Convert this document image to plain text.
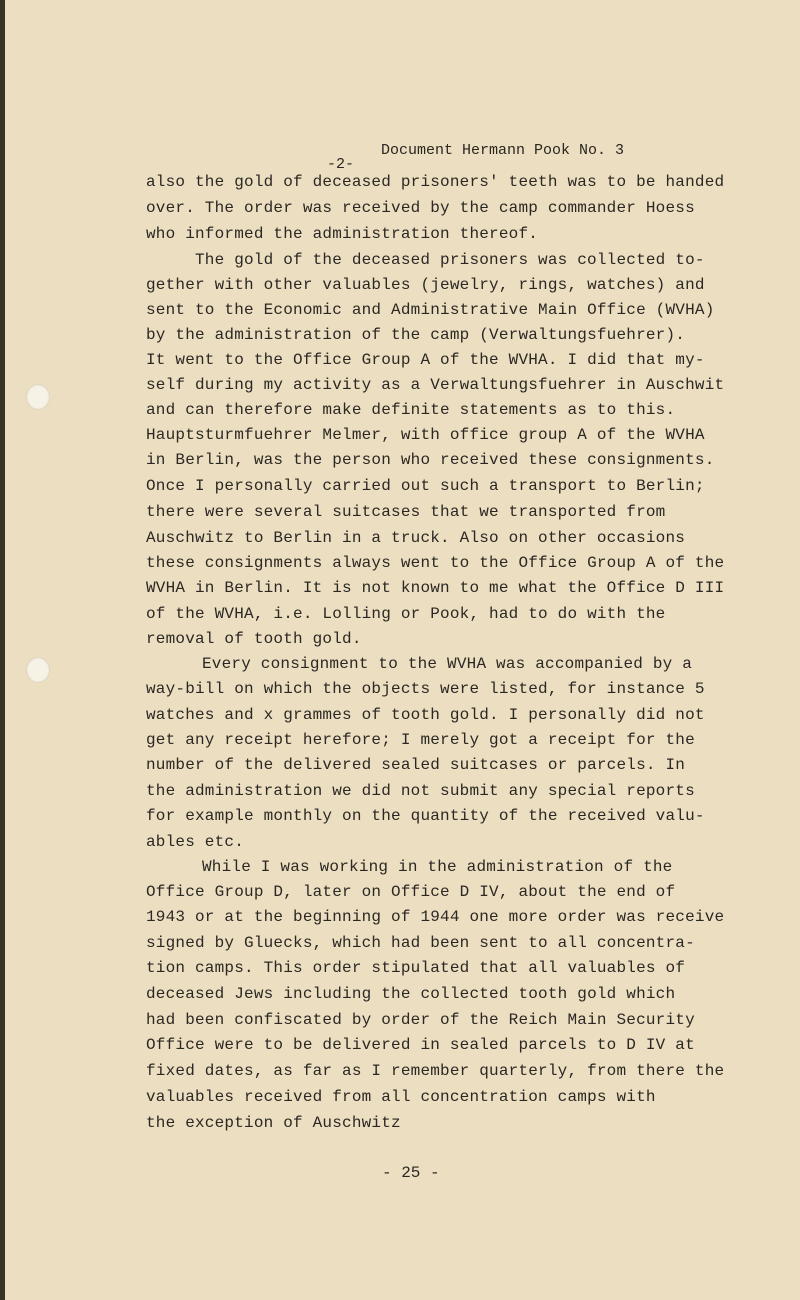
Document Hermann Pook No. 3
-2-
also the gold of deceased prisoners' teeth was to be handed
over. The order was received by the camp commander Hoess
who informed the administration thereof.
The gold of the deceased prisoners was collected to-
gether with other valuables (jewelry, rings, watches) and
sent to the Economic and Administrative Main Office (WVHA)
by the administration of the camp (Verwaltungsfuehrer).
It went to the Office Group A of the WVHA. I did that my-
self during my activity as a Verwaltungsfuehrer in Auschwit
and can therefore make definite statements as to this.
Hauptsturmfuehrer Melmer, with office group A of the WVHA
in Berlin, was the person who received these consignments.
Once I personally carried out such a transport to Berlin;
there were several suitcases that we transported from
Auschwitz to Berlin in a truck. Also on other occasions
these consignments always went to the Office Group A of the
WVHA in Berlin. It is not known to me what the Office D III
of the WVHA, i.e. Lolling or Pook, had to do with the
removal of tooth gold.
Every consignment to the WVHA was accompanied by a
way-bill on which the objects were listed, for instance 5
watches and x grammes of tooth gold. I personally did not
get any receipt herefore; I merely got a receipt for the
number of the delivered sealed suitcases or parcels. In
the administration we did not submit any special reports
for example monthly on the quantity of the received valu-
ables etc.
While I was working in the administration of the
Office Group D, later on Office D IV, about the end of
1943 or at the beginning of 1944 one more order was receive
signed by Gluecks, which had been sent to all concentra-
tion camps. This order stipulated that all valuables of
deceased Jews including the collected tooth gold which
had been confiscated by order of the Reich Main Security
Office were to be delivered in sealed parcels to D IV at
fixed dates, as far as I remember quarterly, from there the
valuables received from all concentration camps with
the exception of Auschwitz
- 25 -
